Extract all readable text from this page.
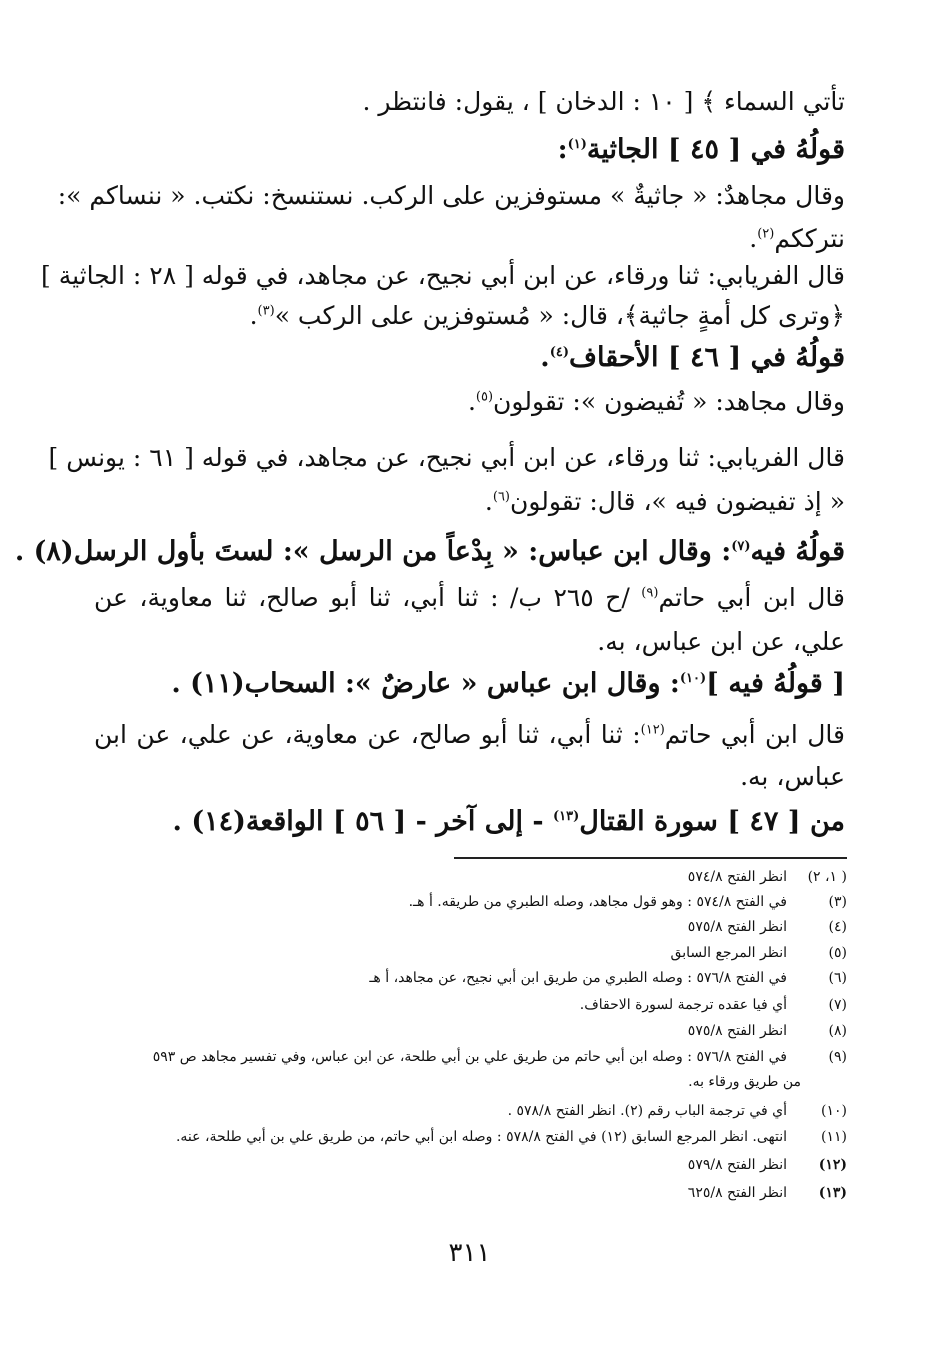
تأتي السماء ﴾ [ ١٠ : الدخان ] ، يقول: فانتظر .
قولُهُ في [ ٤٥ ] الجاثية$^{(١)}$:
وقال مجاهدٌ: « جاثيةٌ » مستوفزين على الركب. نستنسخ: نكتب. « ننساكم »:
نترككم$^{(٢)}$.
قال الفريابي: ثنا ورقاء، عن ابن أبي نجيح، عن مجاهد، في قوله [ ٢٨ : الجاثية ]
﴿وترى كل أمةٍ جاثية﴾، قال: « مُستوفزين على الركب »$^{(٣)}$.
قولُهُ في [ ٤٦ ] الأحقاف$^{(٤)}$.
وقال مجاهد: « تُفيضون »: تقولون$^{(٥)}$.
قال الفريابي: ثنا ورقاء، عن ابن أبي نجيح، عن مجاهد، في قوله [ ٦١ : يونس ]
« إذ تفيضون فيه »، قال: تقولون$^{(٦)}$.
قولُهُ فيه$^{(٧)}$: وقال ابن عباس: « بِدْعاً من الرسل »: لستَ بأول الرسل(٨) .
قال ابن أبي حاتم$^{(٩)}$ /ح ٢٦٥ ب/ : ثنا أبي، ثنا أبو صالح، ثنا معاوية، عن
علي، عن ابن عباس، به.
[ قولُهُ فيه ]$^{(١٠)}$: وقال ابن عباس « عارضٌ »: السحاب(١١) .
قال ابن أبي حاتم$^{(١٢)}$: ثنا أبي، ثنا أبو صالح، عن معاوية، عن علي، عن ابن
عباس، به.
من [ ٤٧ ] سورة القتال$^{(١٣)}$ - إلى آخر - [ ٥٦ ] الواقعة(١٤) .
( ١، ٢) انظر الفتح ٥٧٤/٨
(٣) في الفتح ٥٧٤/٨ : وهو قول مجاهد، وصله الطبري من طريقه. أ هـ.
(٤) انظر الفتح ٥٧٥/٨
(٥) انظر المرجع السابق
(٦) في الفتح ٥٧٦/٨ : وصله الطبري من طريق ابن أبي نجيح، عن مجاهد، أ هـ
(٧) أي فيا عقده ترجمة لسورة الاحقاف.
(٨) انظر الفتح ٥٧٥/٨
(٩) في الفتح ٥٧٦/٨ : وصله ابن أبي حاتم من طريق علي بن أبي طلحة، عن ابن عباس، وفي تفسير مجاهد ص ٥٩٣
من طريق ورقاء به.
(١٠) أي في ترجمة الباب رقم (٢). انظر الفتح ٥٧٨/٨ .
(١١) انتهى. انظر المرجع السابق (١٢) في الفتح ٥٧٨/٨ : وصله ابن أبي حاتم، من طريق علي بن أبي طلحة، عنه.
(١٢) انظر الفتح ٥٧٩/٨
(١٣) انظر الفتح ٦٢٥/٨
٣١١
